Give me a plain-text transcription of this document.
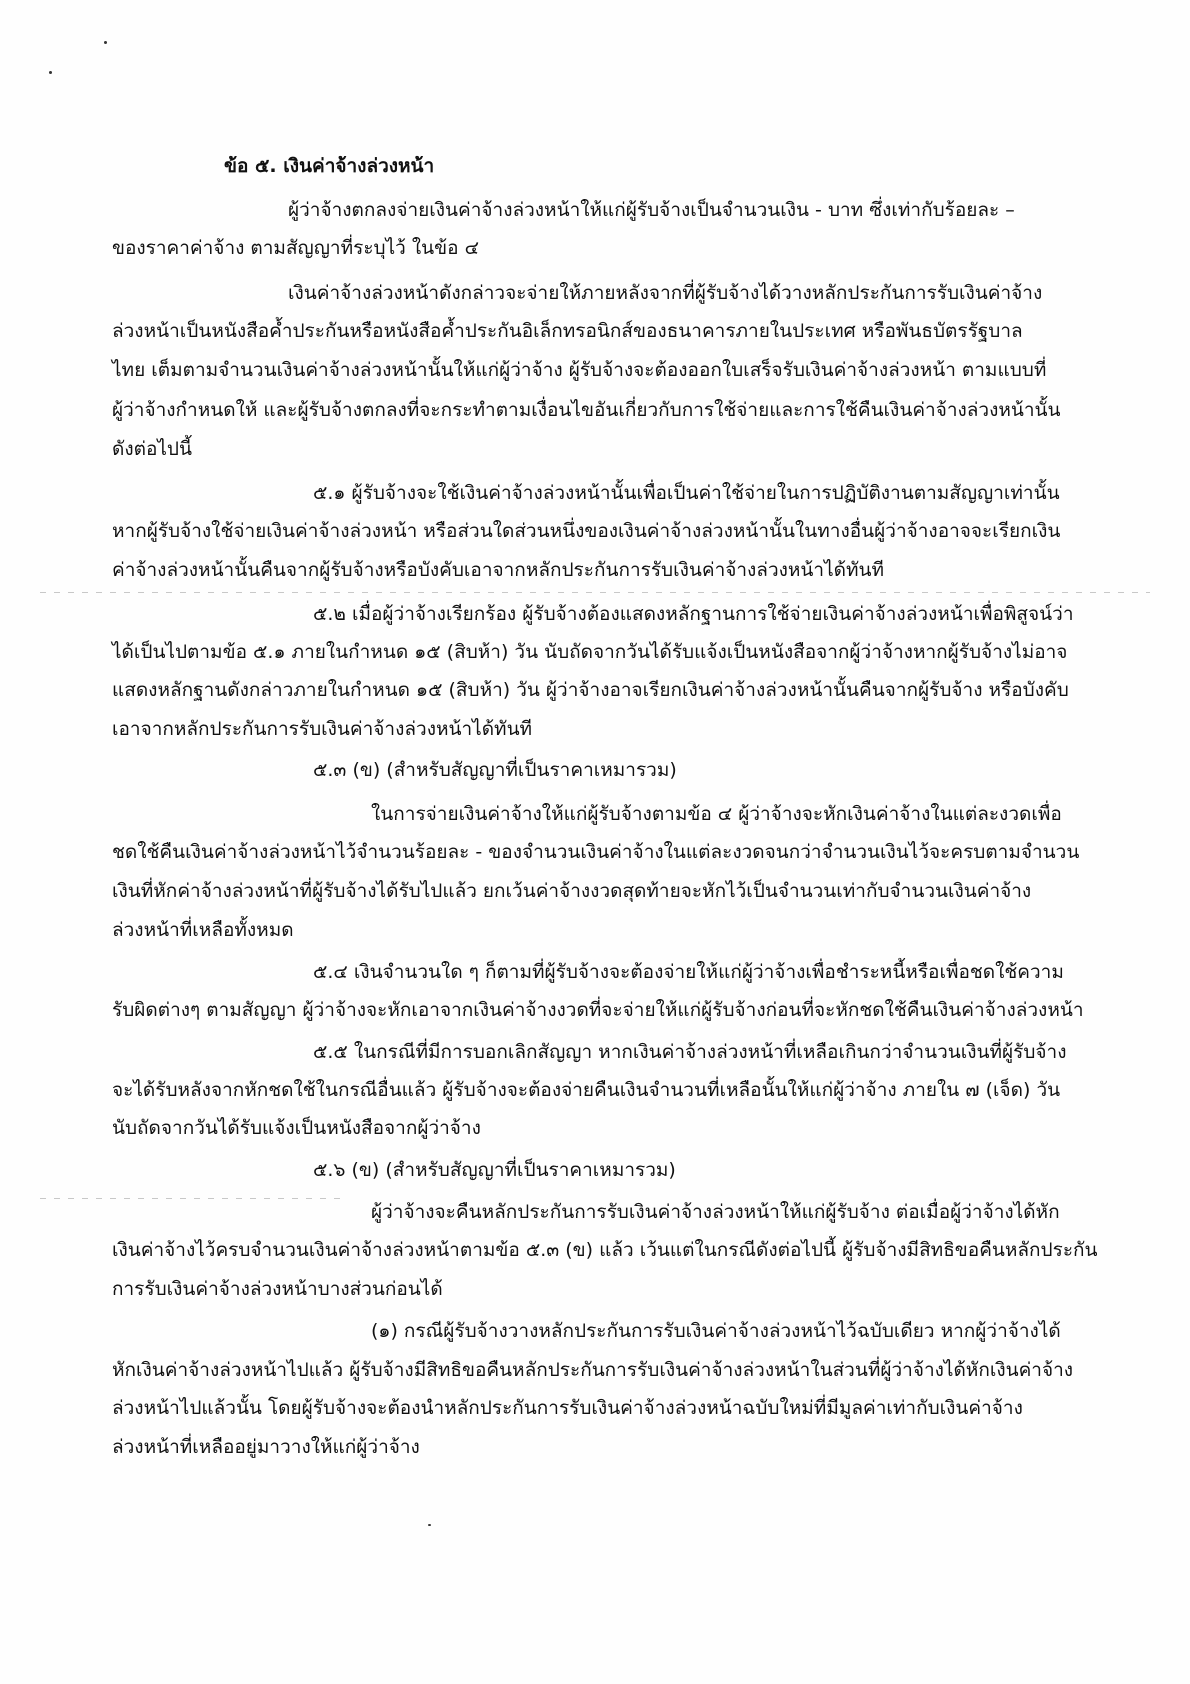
ข้อ ๕. เงินค่าจ้างล่วงหน้า
ผู้ว่าจ้างตกลงจ่ายเงินค่าจ้างล่วงหน้าให้แก่ผู้รับจ้างเป็นจำนวนเงิน - บาท ซึ่งเท่ากับร้อยละ –
ของราคาค่าจ้าง ตามสัญญาที่ระบุไว้ ในข้อ ๔
เงินค่าจ้างล่วงหน้าดังกล่าวจะจ่ายให้ภายหลังจากที่ผู้รับจ้างได้วางหลักประกันการรับเงินค่าจ้าง
ล่วงหน้าเป็นหนังสือค้ำประกันหรือหนังสือค้ำประกันอิเล็กทรอนิกส์ของธนาคารภายในประเทศ หรือพันธบัตรรัฐบาล
ไทย เต็มตามจำนวนเงินค่าจ้างล่วงหน้านั้นให้แก่ผู้ว่าจ้าง ผู้รับจ้างจะต้องออกใบเสร็จรับเงินค่าจ้างล่วงหน้า ตามแบบที่
ผู้ว่าจ้างกำหนดให้ และผู้รับจ้างตกลงที่จะกระทำตามเงื่อนไขอันเกี่ยวกับการใช้จ่ายและการใช้คืนเงินค่าจ้างล่วงหน้านั้น
ดังต่อไปนี้
๕.๑ ผู้รับจ้างจะใช้เงินค่าจ้างล่วงหน้านั้นเพื่อเป็นค่าใช้จ่ายในการปฏิบัติงานตามสัญญาเท่านั้น
หากผู้รับจ้างใช้จ่ายเงินค่าจ้างล่วงหน้า หรือส่วนใดส่วนหนึ่งของเงินค่าจ้างล่วงหน้านั้นในทางอื่นผู้ว่าจ้างอาจจะเรียกเงิน
ค่าจ้างล่วงหน้านั้นคืนจากผู้รับจ้างหรือบังคับเอาจากหลักประกันการรับเงินค่าจ้างล่วงหน้าได้ทันที
๕.๒ เมื่อผู้ว่าจ้างเรียกร้อง ผู้รับจ้างต้องแสดงหลักฐานการใช้จ่ายเงินค่าจ้างล่วงหน้าเพื่อพิสูจน์ว่า
ได้เป็นไปตามข้อ ๕.๑ ภายในกำหนด ๑๕ (สิบห้า) วัน นับถัดจากวันได้รับแจ้งเป็นหนังสือจากผู้ว่าจ้างหากผู้รับจ้างไม่อาจ
แสดงหลักฐานดังกล่าวภายในกำหนด ๑๕ (สิบห้า) วัน ผู้ว่าจ้างอาจเรียกเงินค่าจ้างล่วงหน้านั้นคืนจากผู้รับจ้าง หรือบังคับ
เอาจากหลักประกันการรับเงินค่าจ้างล่วงหน้าได้ทันที
๕.๓ (ข) (สำหรับสัญญาที่เป็นราคาเหมารวม)
ในการจ่ายเงินค่าจ้างให้แก่ผู้รับจ้างตามข้อ ๔ ผู้ว่าจ้างจะหักเงินค่าจ้างในแต่ละงวดเพื่อ
ชดใช้คืนเงินค่าจ้างล่วงหน้าไว้จำนวนร้อยละ - ของจำนวนเงินค่าจ้างในแต่ละงวดจนกว่าจำนวนเงินไว้จะครบตามจำนวน
เงินที่หักค่าจ้างล่วงหน้าที่ผู้รับจ้างได้รับไปแล้ว ยกเว้นค่าจ้างงวดสุดท้ายจะหักไว้เป็นจำนวนเท่ากับจำนวนเงินค่าจ้าง
ล่วงหน้าที่เหลือทั้งหมด
๕.๔ เงินจำนวนใด ๆ ก็ตามที่ผู้รับจ้างจะต้องจ่ายให้แก่ผู้ว่าจ้างเพื่อชำระหนี้หรือเพื่อชดใช้ความ
รับผิดต่างๆ ตามสัญญา ผู้ว่าจ้างจะหักเอาจากเงินค่าจ้างงวดที่จะจ่ายให้แก่ผู้รับจ้างก่อนที่จะหักชดใช้คืนเงินค่าจ้างล่วงหน้า
๕.๕ ในกรณีที่มีการบอกเลิกสัญญา หากเงินค่าจ้างล่วงหน้าที่เหลือเกินกว่าจำนวนเงินที่ผู้รับจ้าง
จะได้รับหลังจากหักชดใช้ในกรณีอื่นแล้ว ผู้รับจ้างจะต้องจ่ายคืนเงินจำนวนที่เหลือนั้นให้แก่ผู้ว่าจ้าง ภายใน ๗ (เจ็ด) วัน
นับถัดจากวันได้รับแจ้งเป็นหนังสือจากผู้ว่าจ้าง
๕.๖ (ข) (สำหรับสัญญาที่เป็นราคาเหมารวม)
ผู้ว่าจ้างจะคืนหลักประกันการรับเงินค่าจ้างล่วงหน้าให้แก่ผู้รับจ้าง ต่อเมื่อผู้ว่าจ้างได้หัก
เงินค่าจ้างไว้ครบจำนวนเงินค่าจ้างล่วงหน้าตามข้อ ๕.๓ (ข) แล้ว เว้นแต่ในกรณีดังต่อไปนี้ ผู้รับจ้างมีสิทธิขอคืนหลักประกัน
การรับเงินค่าจ้างล่วงหน้าบางส่วนก่อนได้
(๑) กรณีผู้รับจ้างวางหลักประกันการรับเงินค่าจ้างล่วงหน้าไว้ฉบับเดียว หากผู้ว่าจ้างได้
หักเงินค่าจ้างล่วงหน้าไปแล้ว ผู้รับจ้างมีสิทธิขอคืนหลักประกันการรับเงินค่าจ้างล่วงหน้าในส่วนที่ผู้ว่าจ้างได้หักเงินค่าจ้าง
ล่วงหน้าไปแล้วนั้น โดยผู้รับจ้างจะต้องนำหลักประกันการรับเงินค่าจ้างล่วงหน้าฉบับใหม่ที่มีมูลค่าเท่ากับเงินค่าจ้าง
ล่วงหน้าที่เหลืออยู่มาวางให้แก่ผู้ว่าจ้าง
